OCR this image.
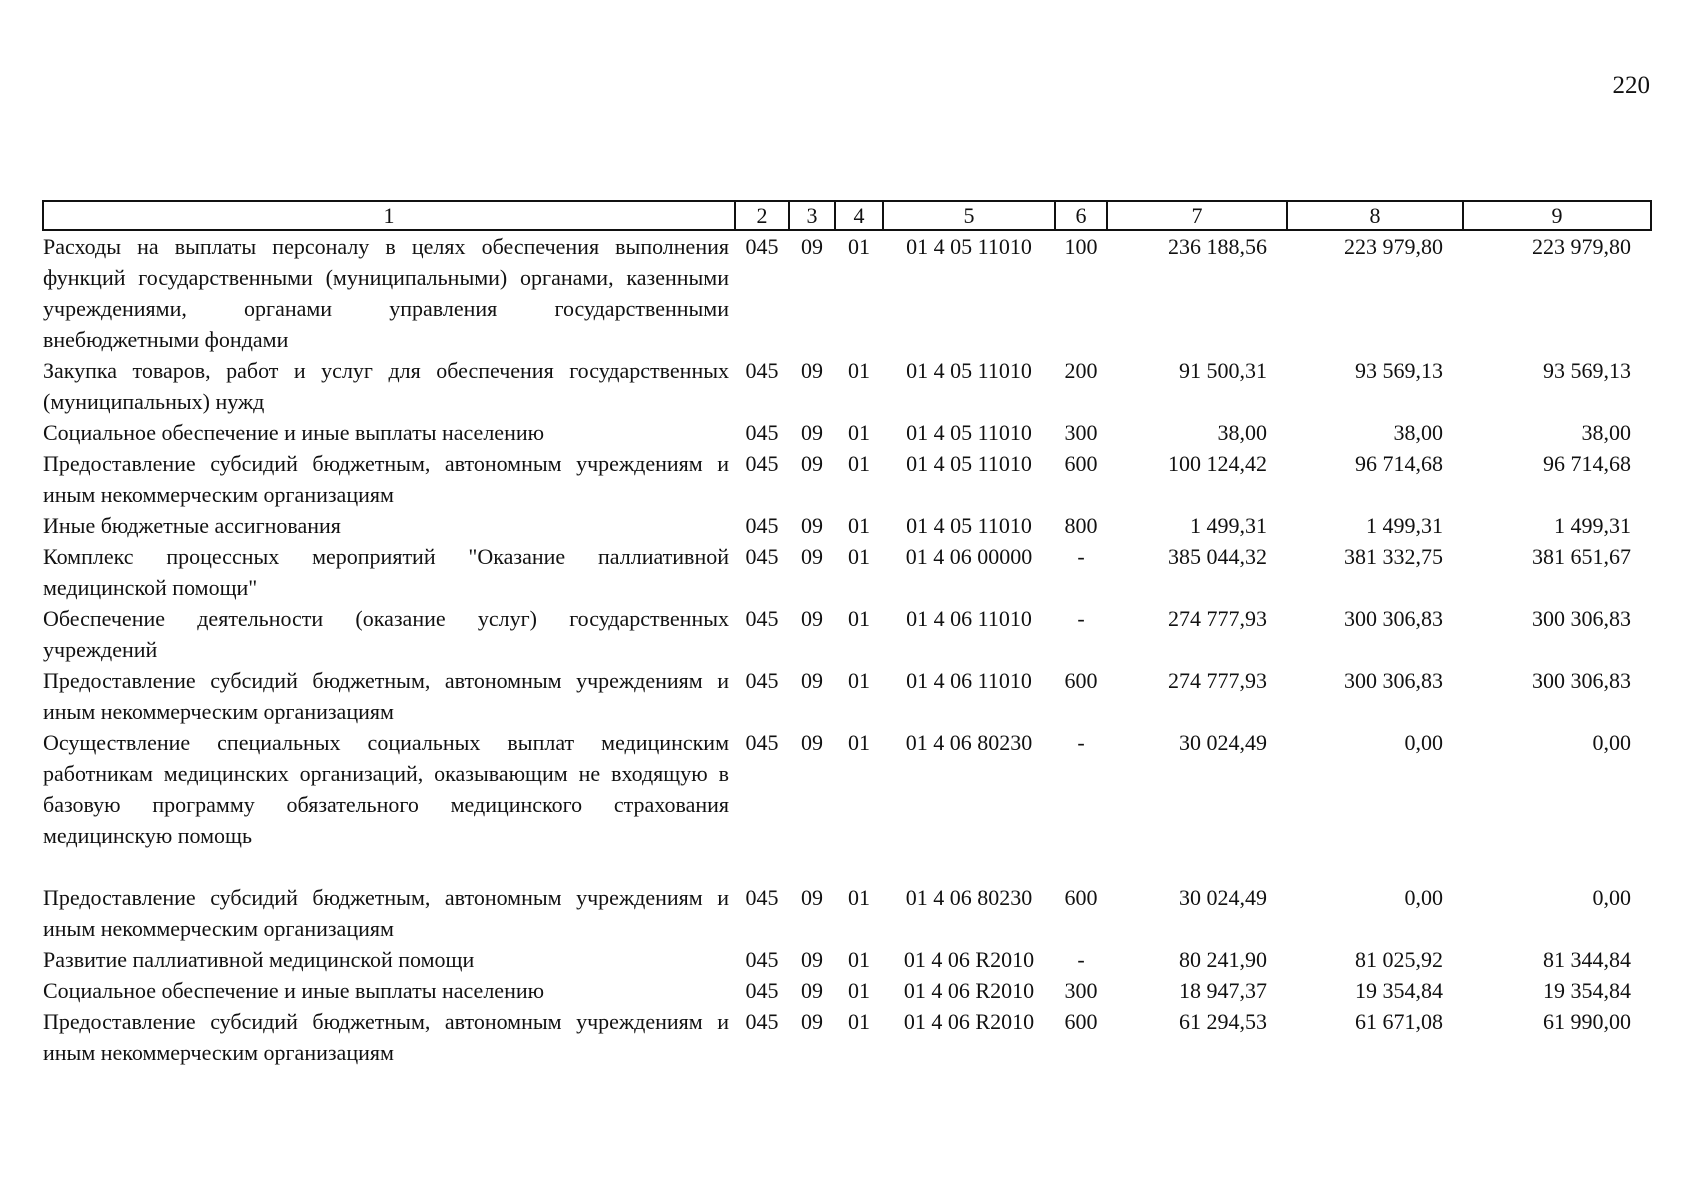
220
1	2	3	4	5	6	7	8	9
Расходы на выплаты персоналу в целях обеспечения выполнения функций государственными (муниципальными) органами, казенными учреждениями, органами управления государственными внебюджетными фондами	045	09	01	01 4 05 11010	100	236 188,56	223 979,80	223 979,80
Закупка товаров, работ и услуг для обеспечения государственных (муниципальных) нужд	045	09	01	01 4 05 11010	200	91 500,31	93 569,13	93 569,13
Социальное обеспечение и иные выплаты населению	045	09	01	01 4 05 11010	300	38,00	38,00	38,00
Предоставление субсидий бюджетным, автономным учреждениям и иным некоммерческим организациям	045	09	01	01 4 05 11010	600	100 124,42	96 714,68	96 714,68
Иные бюджетные ассигнования	045	09	01	01 4 05 11010	800	1 499,31	1 499,31	1 499,31
Комплекс процессных мероприятий "Оказание паллиативной медицинской помощи"	045	09	01	01 4 06 00000	-	385 044,32	381 332,75	381 651,67
Обеспечение деятельности (оказание услуг) государственных учреждений	045	09	01	01 4 06 11010	-	274 777,93	300 306,83	300 306,83
Предоставление субсидий бюджетным, автономным учреждениям и иным некоммерческим организациям	045	09	01	01 4 06 11010	600	274 777,93	300 306,83	300 306,83
Осуществление специальных социальных выплат медицинским работникам медицинских организаций, оказывающим не входящую в базовую программу обязательного медицинского страхования медицинскую помощь	045	09	01	01 4 06 80230	-	30 024,49	0,00	0,00
Предоставление субсидий бюджетным, автономным учреждениям и иным некоммерческим организациям	045	09	01	01 4 06 80230	600	30 024,49	0,00	0,00
Развитие паллиативной медицинской помощи	045	09	01	01 4 06 R2010	-	80 241,90	81 025,92	81 344,84
Социальное обеспечение и иные выплаты населению	045	09	01	01 4 06 R2010	300	18 947,37	19 354,84	19 354,84
Предоставление субсидий бюджетным, автономным учреждениям и иным некоммерческим организациям	045	09	01	01 4 06 R2010	600	61 294,53	61 671,08	61 990,00
